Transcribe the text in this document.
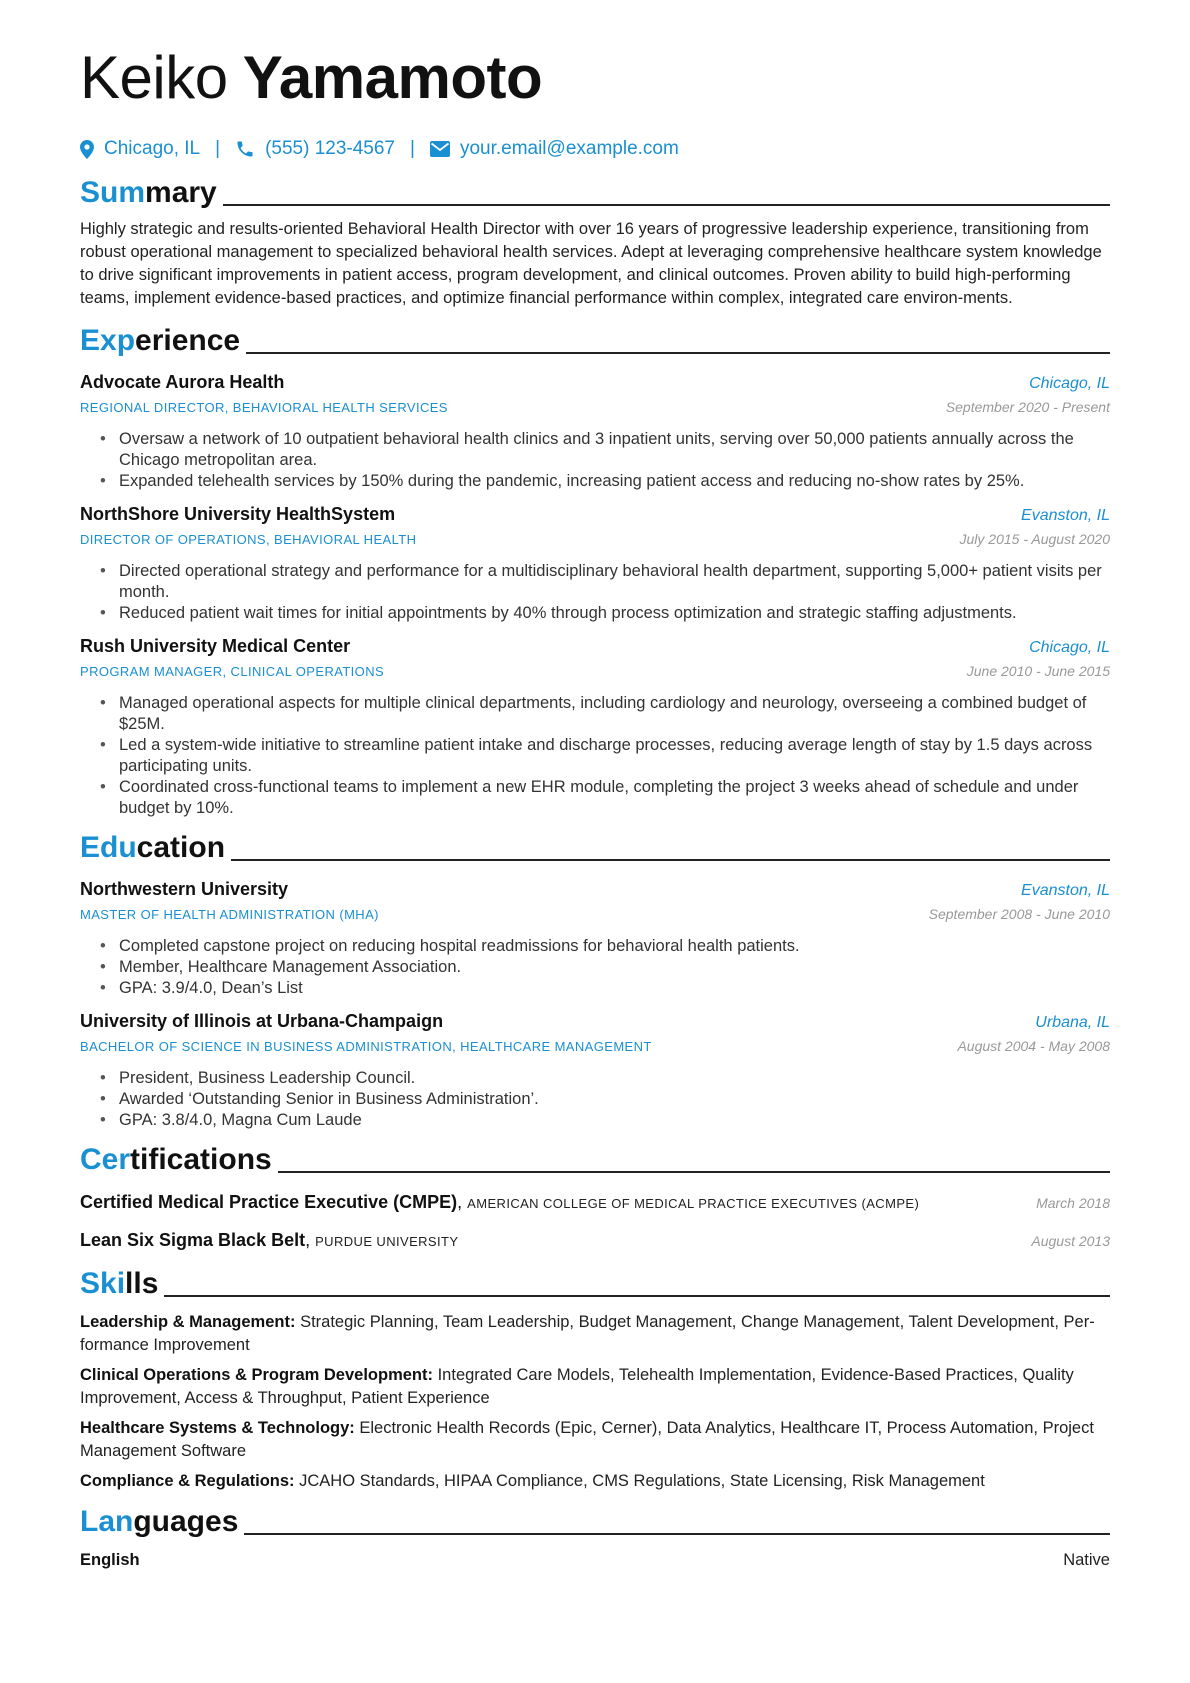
Keiko Yamamoto
Chicago, IL | (555) 123-4567 | your.email@example.com
Summary
Highly strategic and results-oriented Behavioral Health Director with over 16 years of progressive leadership experience, transitioning from robust operational management to specialized behavioral health services. Adept at leveraging comprehensive healthcare system knowledge to drive significant improvements in patient access, program development, and clinical outcomes. Proven ability to build high-performing teams, implement evidence-based practices, and optimize financial performance within complex, integrated care environ-ments.
Experience
Advocate Aurora Health	Chicago, IL
REGIONAL DIRECTOR, BEHAVIORAL HEALTH SERVICES	September 2020 - Present
• Oversaw a network of 10 outpatient behavioral health clinics and 3 inpatient units, serving over 50,000 patients annually across the Chicago metropolitan area.
• Expanded telehealth services by 150% during the pandemic, increasing patient access and reducing no-show rates by 25%.
NorthShore University HealthSystem	Evanston, IL
DIRECTOR OF OPERATIONS, BEHAVIORAL HEALTH	July 2015 - August 2020
• Directed operational strategy and performance for a multidisciplinary behavioral health department, supporting 5,000+ patient visits per month.
• Reduced patient wait times for initial appointments by 40% through process optimization and strategic staffing adjustments.
Rush University Medical Center	Chicago, IL
PROGRAM MANAGER, CLINICAL OPERATIONS	June 2010 - June 2015
• Managed operational aspects for multiple clinical departments, including cardiology and neurology, overseeing a combined budget of $25M.
• Led a system-wide initiative to streamline patient intake and discharge processes, reducing average length of stay by 1.5 days across participating units.
• Coordinated cross-functional teams to implement a new EHR module, completing the project 3 weeks ahead of schedule and under budget by 10%.
Education
Northwestern University	Evanston, IL
MASTER OF HEALTH ADMINISTRATION (MHA)	September 2008 - June 2010
• Completed capstone project on reducing hospital readmissions for behavioral health patients.
• Member, Healthcare Management Association.
• GPA: 3.9/4.0, Dean’s List
University of Illinois at Urbana-Champaign	Urbana, IL
BACHELOR OF SCIENCE IN BUSINESS ADMINISTRATION, HEALTHCARE MANAGEMENT	August 2004 - May 2008
• President, Business Leadership Council.
• Awarded ‘Outstanding Senior in Business Administration’.
• GPA: 3.8/4.0, Magna Cum Laude
Certifications
Certified Medical Practice Executive (CMPE), AMERICAN COLLEGE OF MEDICAL PRACTICE EXECUTIVES (ACMPE)	March 2018
Lean Six Sigma Black Belt, PURDUE UNIVERSITY	August 2013
Skills
Leadership & Management: Strategic Planning, Team Leadership, Budget Management, Change Management, Talent Development, Per-formance Improvement
Clinical Operations & Program Development: Integrated Care Models, Telehealth Implementation, Evidence-Based Practices, Quality Improvement, Access & Throughput, Patient Experience
Healthcare Systems & Technology: Electronic Health Records (Epic, Cerner), Data Analytics, Healthcare IT, Process Automation, Project Management Software
Compliance & Regulations: JCAHO Standards, HIPAA Compliance, CMS Regulations, State Licensing, Risk Management
Languages
English	Native
